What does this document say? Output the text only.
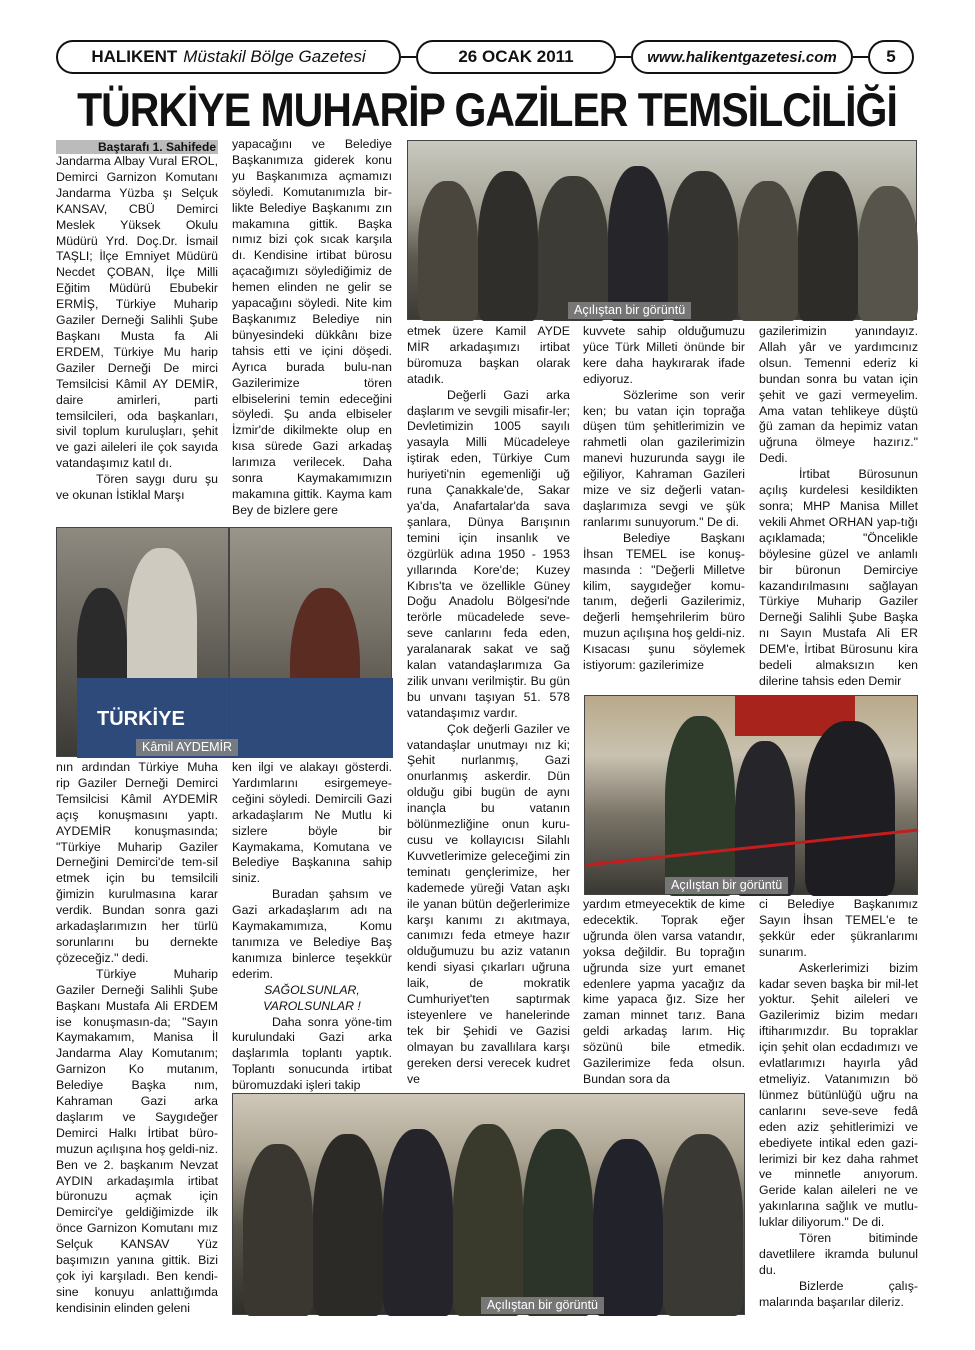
HALIKENT Müstakil Bölge Gazetesi	26 OCAK 2011	www.halikentgazetesi.com	5
TÜRKİYE MUHARİP GAZİLER TEMSİLCİLİĞİ
Baştarafı 1. Sahifede

Jandarma Albay Vural EROL, Demirci Garnizon Komutanı Jandarma Yüzba şı Selçuk KANSAV, CBÜ Demirci Meslek Yüksek Okulu Müdürü Yrd. Doç.Dr. İsmail TAŞLI; İlçe Emniyet Müdürü Necdet ÇOBAN, İlçe Milli Eğitim Müdürü Ebubekir ERMİŞ, Türkiye Muharip Gaziler Derneği Salihli Şube Başkanı Musta fa Ali ERDEM, Türkiye Mu harip Gaziler Derneği De mirci Temsilcisi Kâmil AY DEMİR, daire amirleri, parti temsilcileri, oda başkanları, sivil toplum kuruluşları, şehit ve gazi aileleri ile çok sayıda vatandaşımız katıl dı.

Tören saygı duru şu ve okunan İstiklal Marşı

yapacağını ve Belediye Başkanımıza giderek konu yu Başkanımıza açmamızı söyledi. Komutanımızla bir-likte Belediye Başkanımı zın makamına gittik. Başka nımız bizi çok sıcak karşıla dı. Kendisine irtibat bürosu açacağımızı söylediğimiz de hemen elinden ne gelir se yapacağını söyledi. Nite kim Başkanımız Belediye nin bünyesindeki dükkânı bize tahsis etti ve içini döşedi. Ayrıca burada bulu-nan Gazilerimize tören elbiselerini temin edeceğini söyledi. Şu anda elbiseler İzmir'de dikilmekte olup en kısa sürede Gazi arkadaş larımıza verilecek. Daha sonra Kaymakamımızın makamına gittik. Kayma kam Bey de bizlere gere

Açılıştan bir görüntü
TÜRKİYE
Kâmil AYDEMİR

nın ardından Türkiye Muha rip Gaziler Derneği Demirci Temsilcisi Kâmil AYDEMİR açış konuşmasını yaptı. AYDEMİR konuşmasında; "Türkiye Muharip Gaziler Derneğini Demirci'de tem-sil etmek için bu temsilcili ğimizin kurulmasına karar verdik. Bundan sonra gazi arkadaşlarımızın her türlü sorunlarını bu dernekte çözeceğiz." dedi.

Türkiye Muharip Gaziler Derneği Salihli Şube Başkanı Mustafa Ali ERDEM ise konuşmasın-da; "Sayın Kaymakamım, Manisa İl Jandarma Alay Komutanım; Garnizon Ko mutanım, Belediye Başka nım, Kahraman Gazi arka daşlarım ve Saygıdeğer Demirci Halkı İrtibat büro-muzun açılışına hoş geldi-niz. Ben ve 2. başkanım Nevzat AYDIN arkadaşımla irtibat büronuzu açmak için Demirci'ye geldiğimizde ilk önce Garnizon Komutanı mız Selçuk KANSAV Yüz başımızın yanına gittik. Bizi çok iyi karşıladı. Ben kendi-sine konuyu anlattığımda kendisinin elinden geleni

ken ilgi ve alakayı gösterdi. Yardımlarını esirgemeye-ceğini söyledi. Demircili Gazi arkadaşlarım Ne Mutlu ki sizlere böyle bir Kaymakama, Komutana ve Belediye Başkanına sahip siniz.

Buradan şahsım ve Gazi arkadaşlarım adı na Kaymakamımıza, Komu tanımıza ve Belediye Baş kanımıza binlerce teşekkür ederim.

SAĞOLSUNLAR, VAROLSUNLAR !

Daha sonra yöne-tim kurulundaki Gazi arka daşlarımla toplantı yaptık. Toplantı sonucunda irtibat büromuzdaki işleri takip

etmek üzere Kamil AYDE MİR arkadaşımızı irtibat büromuza başkan olarak atadık.

Değerli Gazi arka daşlarım ve sevgili misafir-ler; Devletimizin 1005 sayılı yasayla Milli Mücadeleye iştirak eden, Türkiye Cum huriyeti'nin egemenliği uğ runa Çanakkale'de, Sakar ya'da, Anafartalar'da sava şanlara, Dünya Barışının temini için insanlık ve özgürlük adına 1950 - 1953 yıllarında Kore'de; Kuzey Kıbrıs'ta ve özellikle Güney Doğu Anadolu Bölgesi'nde terörle mücadelede seve-seve canlarını feda eden, yaralanarak sakat ve sağ kalan vatandaşlarımıza Ga zilik unvanı verilmiştir. Bu gün bu unvanı taşıyan 51. 578 vatandaşımız vardır.

Çok değerli Gaziler ve vatandaşlar unutmayı nız ki; Şehit nurlanmış, Gazi onurlanmış askerdir. Dün olduğu gibi bugün de aynı inançla bu vatanın bölünmezliğine onun kuru-cusu ve kollayıcısı Silahlı Kuvvetlerimize geleceğimi zin teminatı gençlerimize, her kademede yüreği Vatan aşkı ile yanan bütün değerlerimize karşı kanımı zı akıtmaya, canımızı feda etmeye hazır olduğumuzu bu aziz vatanın kendi siyasi çıkarları uğruna laik, de mokratik Cumhuriyet'ten saptırmak isteyenlere ve hanelerinde tek bir Şehidi ve Gazisi olmayan bu zavallılara karşı gereken dersi verecek kudret ve

kuvvete sahip olduğumuzu yüce Türk Milleti önünde bir kere daha haykırarak ifade ediyoruz.

Sözlerime son verir ken; bu vatan için toprağa düşen tüm şehitlerimizin ve rahmetli olan gazilerimizin manevi huzurunda saygı ile eğiliyor, Kahraman Gazileri mize ve siz değerli vatan-daşlarımıza sevgi ve şük ranlarımı sunuyorum." De di.

Belediye Başkanı İhsan TEMEL ise konuş-masında : "Değerli Milletve kilim, saygıdeğer komu-tanım, değerli Gazilerimiz, değerli hemşehrilerim büro muzun açılışına hoş geldi-niz. Kısacası şunu söylemek istiyorum: gazilerimize

gazilerimizin yanındayız. Allah yâr ve yardımcınız olsun. Temenni ederiz ki bundan sonra bu vatan için şehit ve gazi vermeyelim. Ama vatan tehlikeye düştü ğü zaman da hepimiz vatan uğruna ölmeye hazırız." Dedi.

İrtibat Bürosunun açılış kurdelesi kesildikten sonra; MHP Manisa Millet vekili Ahmet ORHAN yap-tığı açıklamada; "Öncelikle böylesine güzel ve anlamlı bir büronun Demirciye kazandırılmasını sağlayan Türkiye Muharip Gaziler Derneği Salihli Şube Başka nı Sayın Mustafa Ali ER DEM'e, İrtibat Bürosunu kira bedeli almaksızın ken dilerine tahsis eden Demir

Açılıştan bir görüntü

yardım etmeyecektik de kime edecektik. Toprak eğer uğrunda ölen varsa vatandır, yoksa değildir. Bu toprağın uğrunda size yurt emanet edenlere yapma yacağız da kime yapaca ğız. Size her zaman minnet tarız. Bana geldi arkadaş larım. Hiç sözünü bile etmedik. Gazilerimize feda olsun. Bundan sora da

ci Belediye Başkanımız Sayın İhsan TEMEL'e te şekkür eder şükranlarımı sunarım.

Askerlerimizi bizim kadar seven başka bir mil-let yoktur. Şehit aileleri ve Gazilerimiz bizim medarı iftiharımızdır. Bu topraklar için şehit olan ecdadımızı ve evlatlarımızı hayırla yâd etmeliyiz. Vatanımızın bö lünmez bütünlüğü uğru na canlarını seve-seve fedâ eden aziz şehitlerimizi ve ebediyete intikal eden gazi-lerimizi bir kez daha rahmet ve minnetle anıyorum. Geride kalan aileleri ne ve yakınlarına sağlık ve mutlu-luklar diliyorum." De di.

Tören bitiminde davetlilere ikramda bulunul du.

Bizlerde çalış-malarında başarılar dileriz.

Açılıştan bir görüntü
